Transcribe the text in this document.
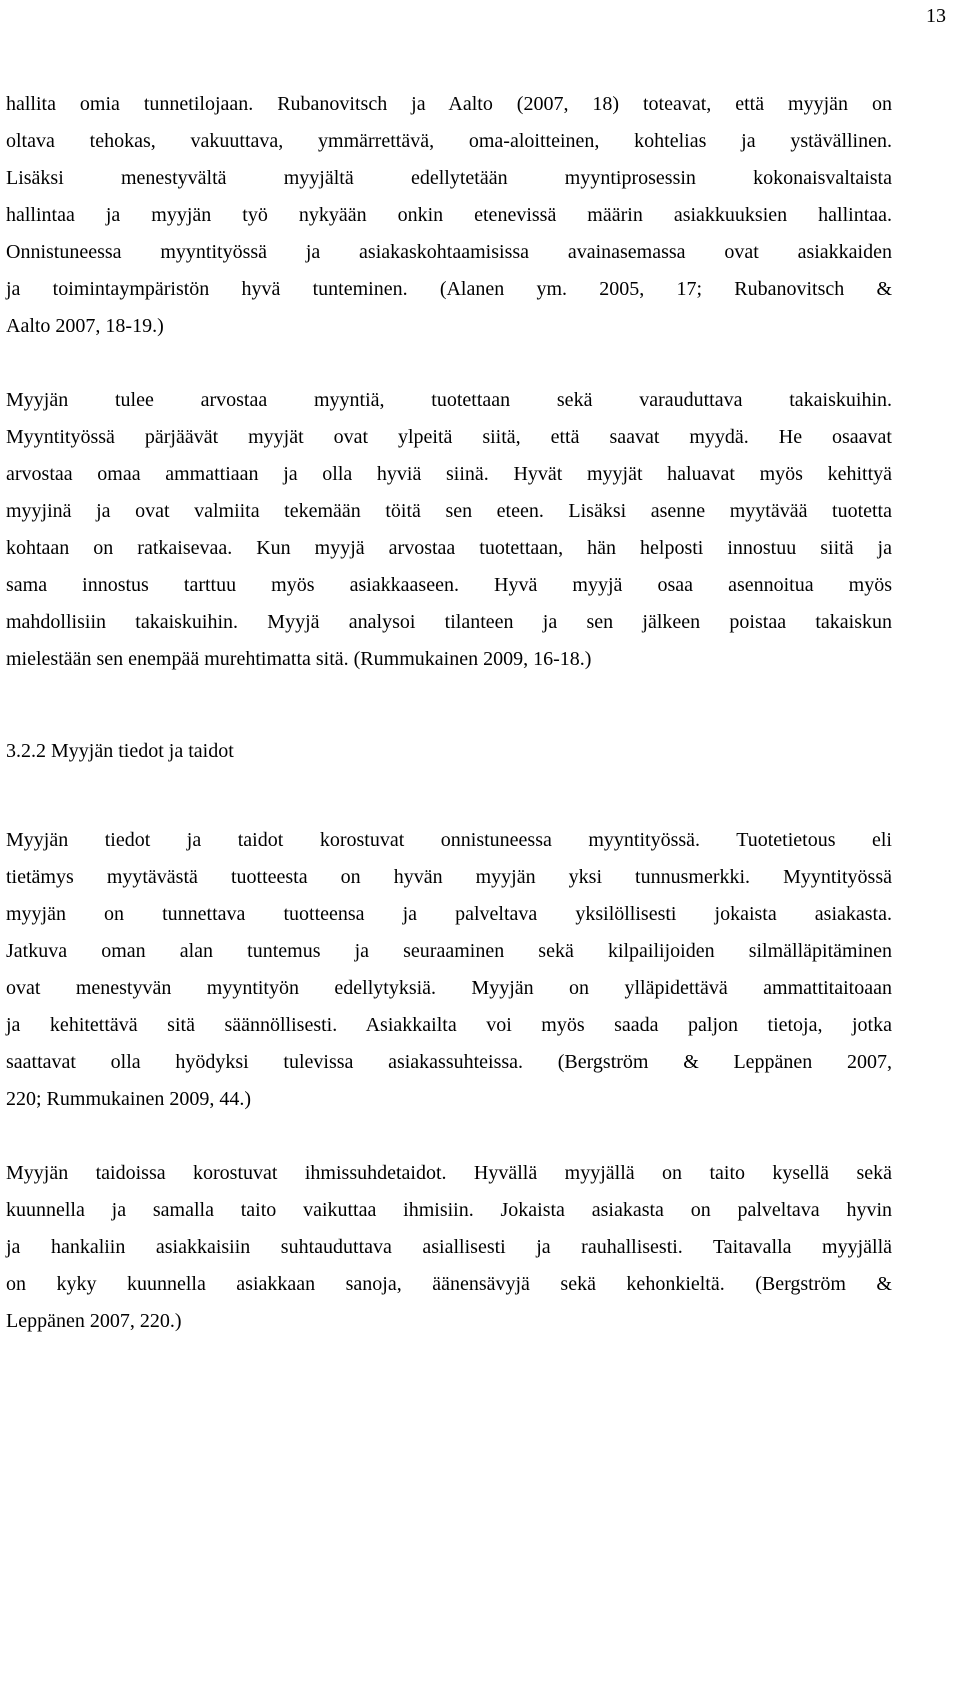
13
hallita omia tunnetilojaan. Rubanovitsch ja Aalto (2007, 18) toteavat, että myyjän on
oltava tehokas, vakuuttava, ymmärrettävä, oma-aloitteinen, kohtelias ja ystävällinen.
Lisäksi menestyvältä myyjältä edellytetään myyntiprosessin kokonaisvaltaista
hallintaa ja myyjän työ nykyään onkin etenevissä määrin asiakkuuksien hallintaa.
Onnistuneessa myyntityössä ja asiakaskohtaamisissa avainasemassa ovat asiakkaiden
ja toimintaympäristön hyvä tunteminen. (Alanen ym. 2005, 17; Rubanovitsch &
Aalto 2007, 18-19.)
Myyjän tulee arvostaa myyntiä, tuotettaan sekä varauduttava takaiskuihin.
Myyntityössä pärjäävät myyjät ovat ylpeitä siitä, että saavat myydä. He osaavat
arvostaa omaa ammattiaan ja olla hyviä siinä. Hyvät myyjät haluavat myös kehittyä
myyjinä ja ovat valmiita tekemään töitä sen eteen. Lisäksi asenne myytävää tuotetta
kohtaan on ratkaisevaa. Kun myyjä arvostaa tuotettaan, hän helposti innostuu siitä ja
sama innostus tarttuu myös asiakkaaseen. Hyvä myyjä osaa asennoitua myös
mahdollisiin takaiskuihin. Myyjä analysoi tilanteen ja sen jälkeen poistaa takaiskun
mielestään sen enempää murehtimatta sitä. (Rummukainen 2009, 16-18.)
3.2.2 Myyjän tiedot ja taidot
Myyjän tiedot ja taidot korostuvat onnistuneessa myyntityössä. Tuotetietous eli
tietämys myytävästä tuotteesta on hyvän myyjän yksi tunnusmerkki. Myyntityössä
myyjän on tunnettava tuotteensa ja palveltava yksilöllisesti jokaista asiakasta.
Jatkuva oman alan tuntemus ja seuraaminen sekä kilpailijoiden silmälläpitäminen
ovat menestyvän myyntityön edellytyksiä. Myyjän on ylläpidettävä ammattitaitoaan
ja kehitettävä sitä säännöllisesti. Asiakkailta voi myös saada paljon tietoja, jotka
saattavat olla hyödyksi tulevissa asiakassuhteissa. (Bergström & Leppänen 2007,
220; Rummukainen 2009, 44.)
Myyjän taidoissa korostuvat ihmissuhdetaidot. Hyvällä myyjällä on taito kysellä sekä
kuunnella ja samalla taito vaikuttaa ihmisiin. Jokaista asiakasta on palveltava hyvin
ja hankaliin asiakkaisiin suhtauduttava asiallisesti ja rauhallisesti. Taitavalla myyjällä
on kyky kuunnella asiakkaan sanoja, äänensävyjä sekä kehonkieltä. (Bergström &
Leppänen 2007, 220.)
